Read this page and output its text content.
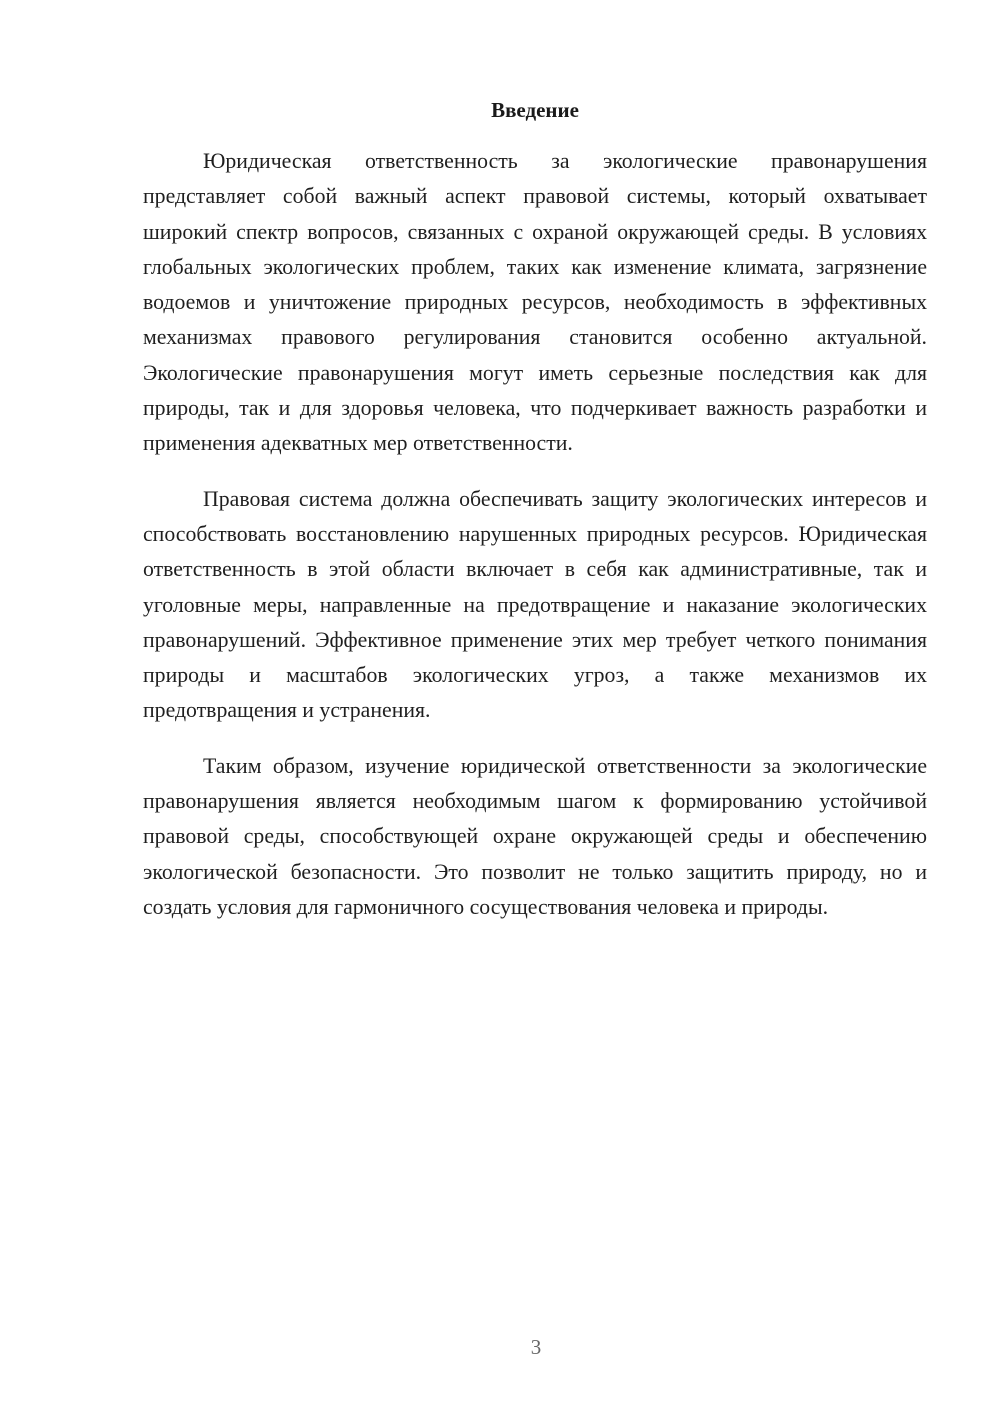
Введение

Юридическая ответственность за экологические правонарушения представляет собой важный аспект правовой системы, который охватывает широкий спектр вопросов, связанных с охраной окружающей среды. В условиях глобальных экологических проблем, таких как изменение климата, загрязнение водоемов и уничтожение природных ресурсов, необходимость в эффективных механизмах правового регулирования становится особенно актуальной. Экологические правонарушения могут иметь серьезные последствия как для природы, так и для здоровья человека, что подчеркивает важность разработки и применения адекватных мер ответственности.

Правовая система должна обеспечивать защиту экологических интересов и способствовать восстановлению нарушенных природных ресурсов. Юридическая ответственность в этой области включает в себя как административные, так и уголовные меры, направленные на предотвращение и наказание экологических правонарушений. Эффективное применение этих мер требует четкого понимания природы и масштабов экологических угроз, а также механизмов их предотвращения и устранения.

Таким образом, изучение юридической ответственности за экологические правонарушения является необходимым шагом к формированию устойчивой правовой среды, способствующей охране окружающей среды и обеспечению экологической безопасности. Это позволит не только защитить природу, но и создать условия для гармоничного сосуществования человека и природы.

3
